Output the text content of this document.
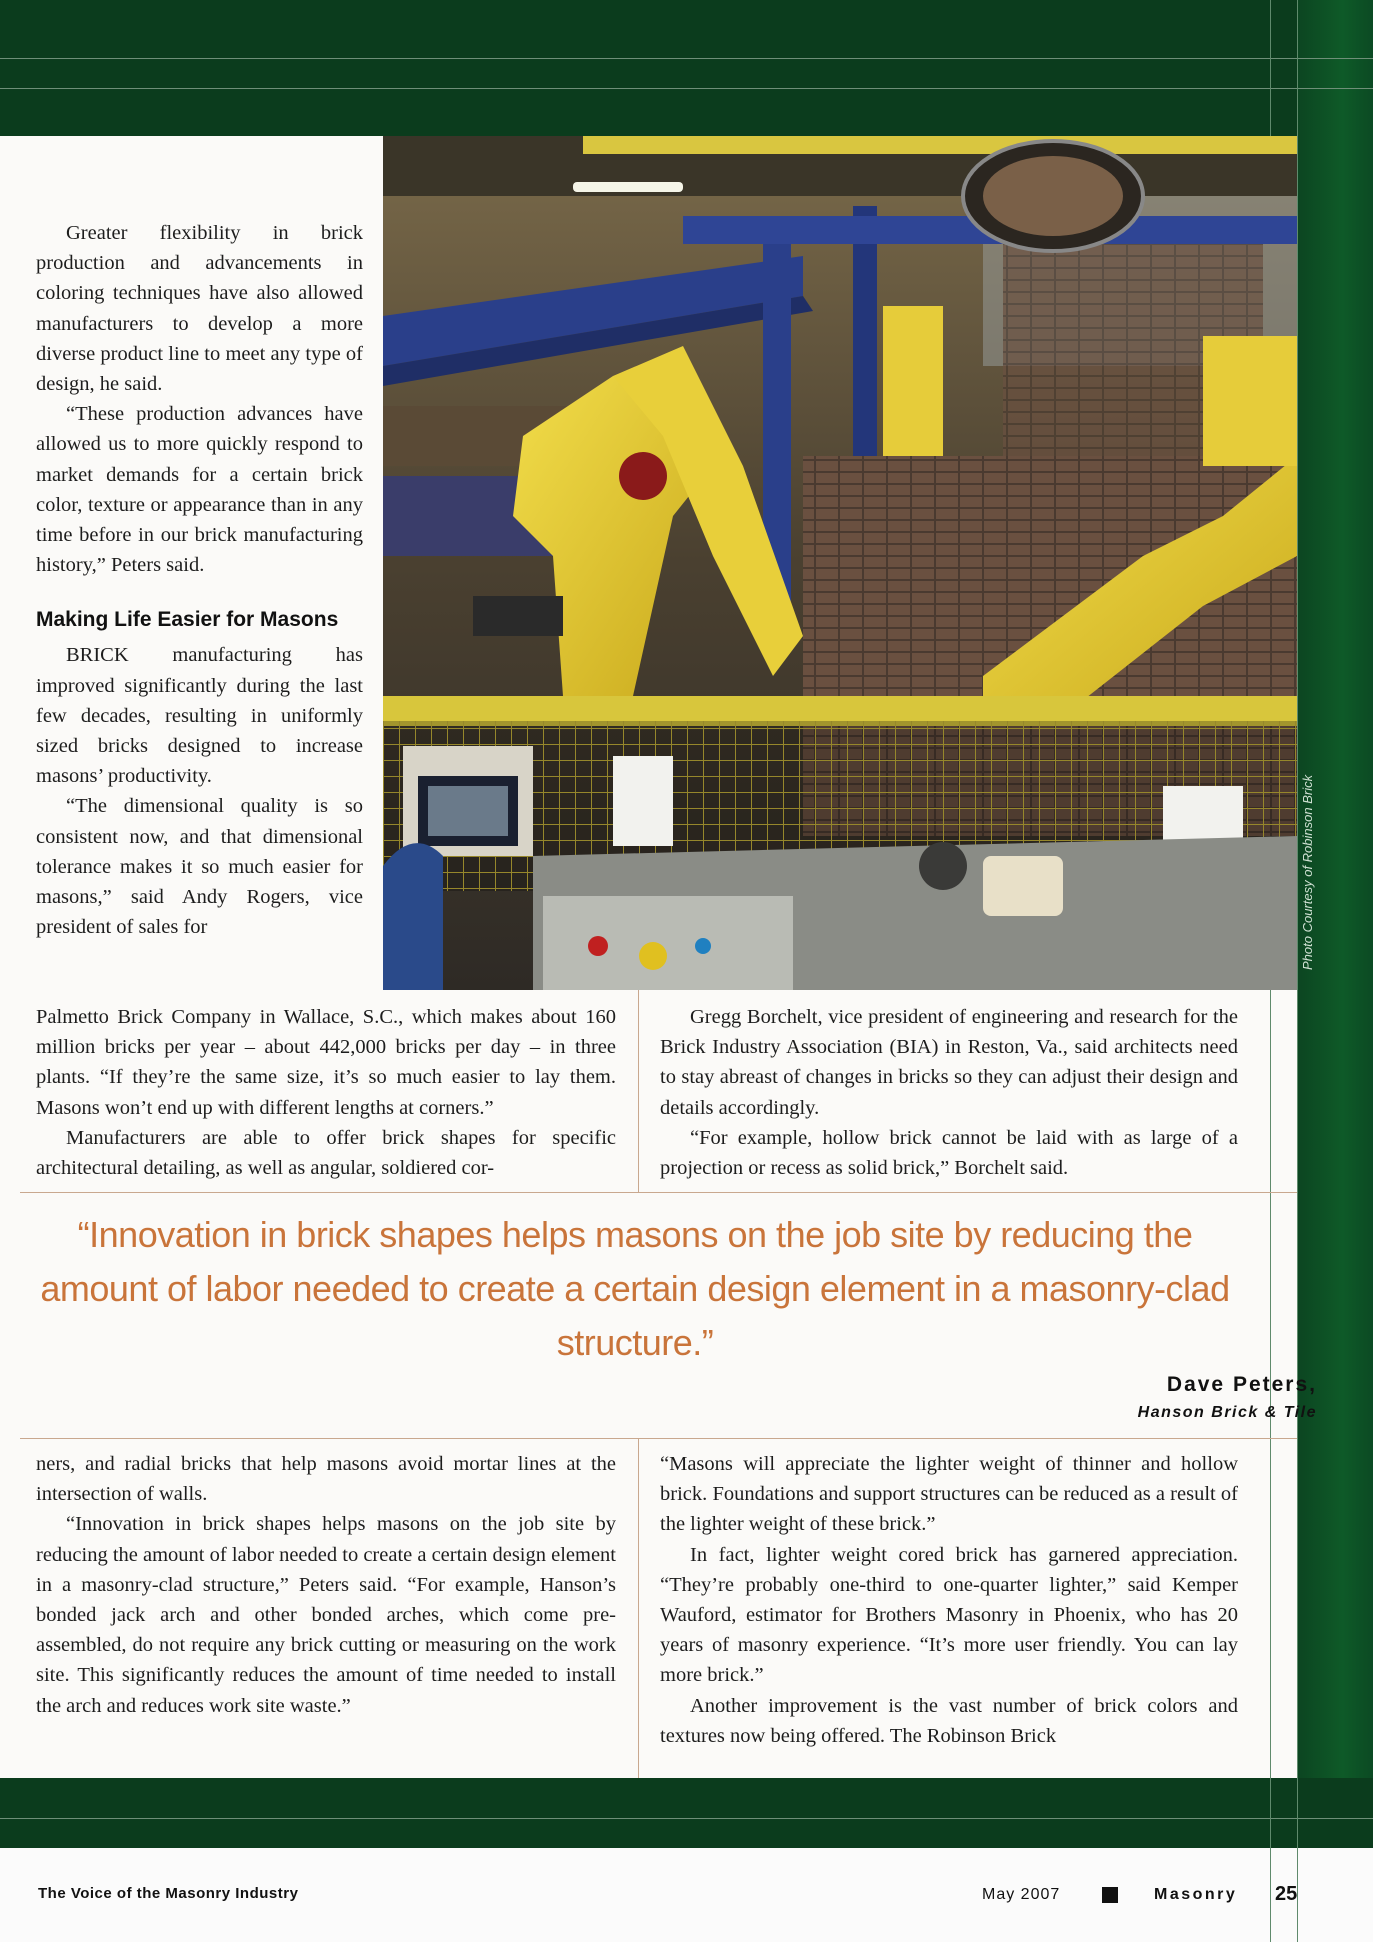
Photo Courtesy of Robinson Brick

Greater flexibility in brick production and advancements in coloring techniques have also allowed manufacturers to develop a more diverse product line to meet any type of design, he said.

“These production advances have allowed us to more quickly respond to market demands for a certain brick color, texture or appearance than in any time before in our brick manufacturing history,” Peters said.

Making Life Easier for Masons

BRICK manufacturing has improved significantly during the last few decades, resulting in uniformly sized bricks designed to increase masons’ productivity.

“The dimensional quality is so consistent now, and that dimensional tolerance makes it so much easier for masons,” said Andy Rogers, vice president of sales for

Palmetto Brick Company in Wallace, S.C., which makes about 160 million bricks per year – about 442,000 bricks per day – in three plants. “If they’re the same size, it’s so much easier to lay them. Masons won’t end up with different lengths at corners.”

Manufacturers are able to offer brick shapes for specific architectural detailing, as well as angular, soldiered cor-

Gregg Borchelt, vice president of engineering and research for the Brick Industry Association (BIA) in Reston, Va., said architects need to stay abreast of changes in bricks so they can adjust their design and details accordingly.

“For example, hollow brick cannot be laid with as large of a projection or recess as solid brick,” Borchelt said.

“Innovation in brick shapes helps masons on the job site by reducing the amount of labor needed to create a certain design element in a masonry-clad structure.”
Dave Peters,
Hanson Brick & Tile

ners, and radial bricks that help masons avoid mortar lines at the intersection of walls.

“Innovation in brick shapes helps masons on the job site by reducing the amount of labor needed to create a certain design element in a masonry-clad structure,” Peters said. “For example, Hanson’s bonded jack arch and other bonded arches, which come pre-assembled, do not require any brick cutting or measuring on the work site. This significantly reduces the amount of time needed to install the arch and reduces work site waste.”

“Masons will appreciate the lighter weight of thinner and hollow brick. Foundations and support structures can be reduced as a result of the lighter weight of these brick.”

In fact, lighter weight cored brick has garnered appreciation. “They’re probably one-third to one-quarter lighter,” said Kemper Wauford, estimator for Brothers Masonry in Phoenix, who has 20 years of masonry experience. “It’s more user friendly. You can lay more brick.”

Another improvement is the vast number of brick colors and textures now being offered. The Robinson Brick

The Voice of the Masonry Industry	May 2007	Masonry 25
